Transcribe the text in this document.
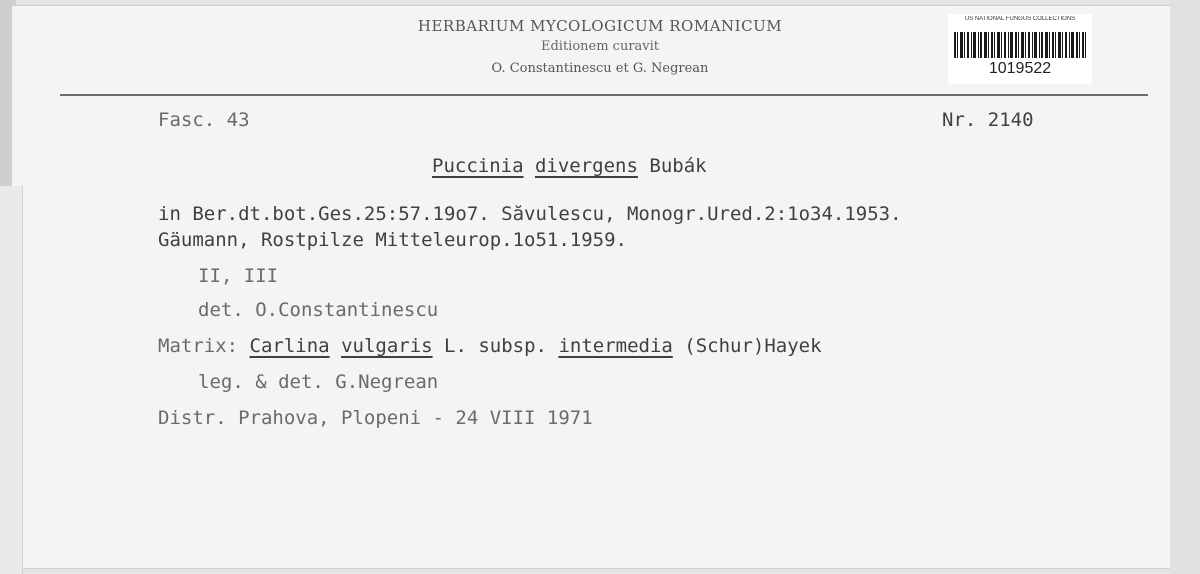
HERBARIUM MYCOLOGICUM ROMANICUM
Editionem curavit
O. Constantinescu et G. Negrean
US NATIONAL FUNGUS COLLECTIONS
1019522
Fasc. 43	Nr. 2140
Puccinia divergens Bubák
in Ber.dt.bot.Ges.25:57.19o7. Săvulescu, Monogr.Ured.2:1o34.1953.
Gäumann, Rostpilze Mitteleurop.1o51.1959.
II, III
det. O.Constantinescu
Matrix: Carlina vulgaris L. subsp. intermedia (Schur)Hayek
leg. & det. G.Negrean
Distr. Prahova, Plopeni - 24 VIII 1971
